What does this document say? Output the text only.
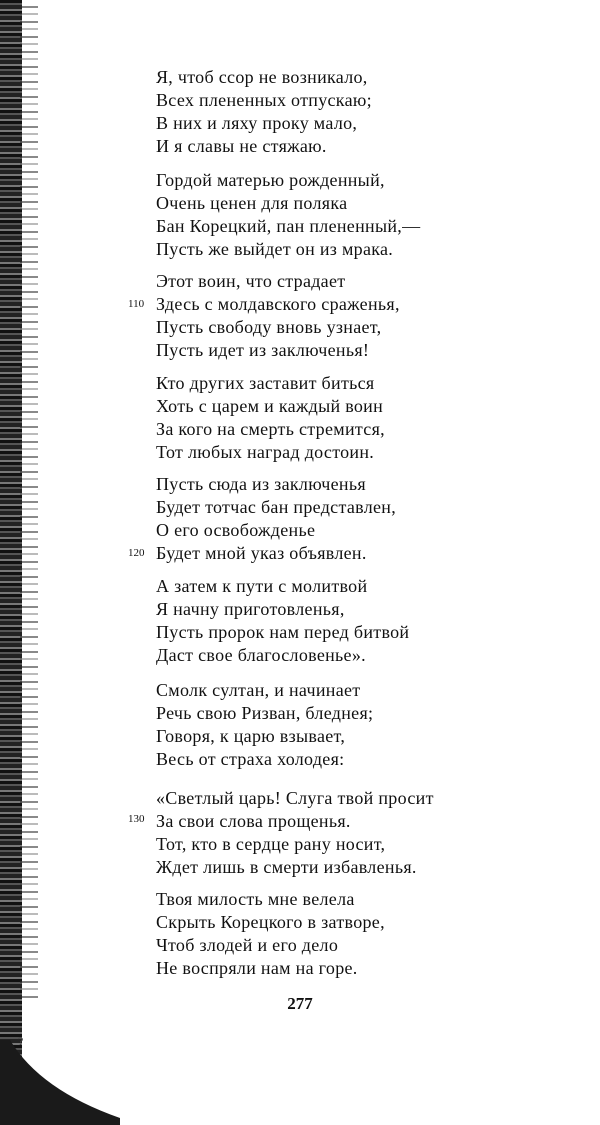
?
Я, чтоб ссор не возникало,
Всех плененных отпускаю;
В них и ляху проку мало,
И я славы не стяжаю.
Гордой матерью рожденный,
Очень ценен для поляка
Бан Корецкий, пан плененный,—
Пусть же выйдет он из мрака.
Этот воин, что страдает
Здесь с молдавского сраженья,
Пусть свободу вновь узнает,
Пусть идет из заключенья!
110
Кто других заставит биться
Хоть с царем и каждый воин
За кого на смерть стремится,
Тот любых наград достоин.
Пусть сюда из заключенья
Будет тотчас бан представлен,
О его освобожденье
Будет мной указ объявлен.
120
А затем к пути с молитвой
Я начну приготовленья,
Пусть пророк нам перед битвой
Даст свое благословенье».
Смолк султан, и начинает
Речь свою Ризван, бледнея;
Говоря, к царю взывает,
Весь от страха холодея:
«Светлый царь! Слуга твой просит
За свои слова прощенья.
Тот, кто в сердце рану носит,
Ждет лишь в смерти избавленья.
130
Твоя милость мне велела
Скрыть Корецкого в затворе,
Чтоб злодей и его дело
Не воспряли нам на горе.
277
